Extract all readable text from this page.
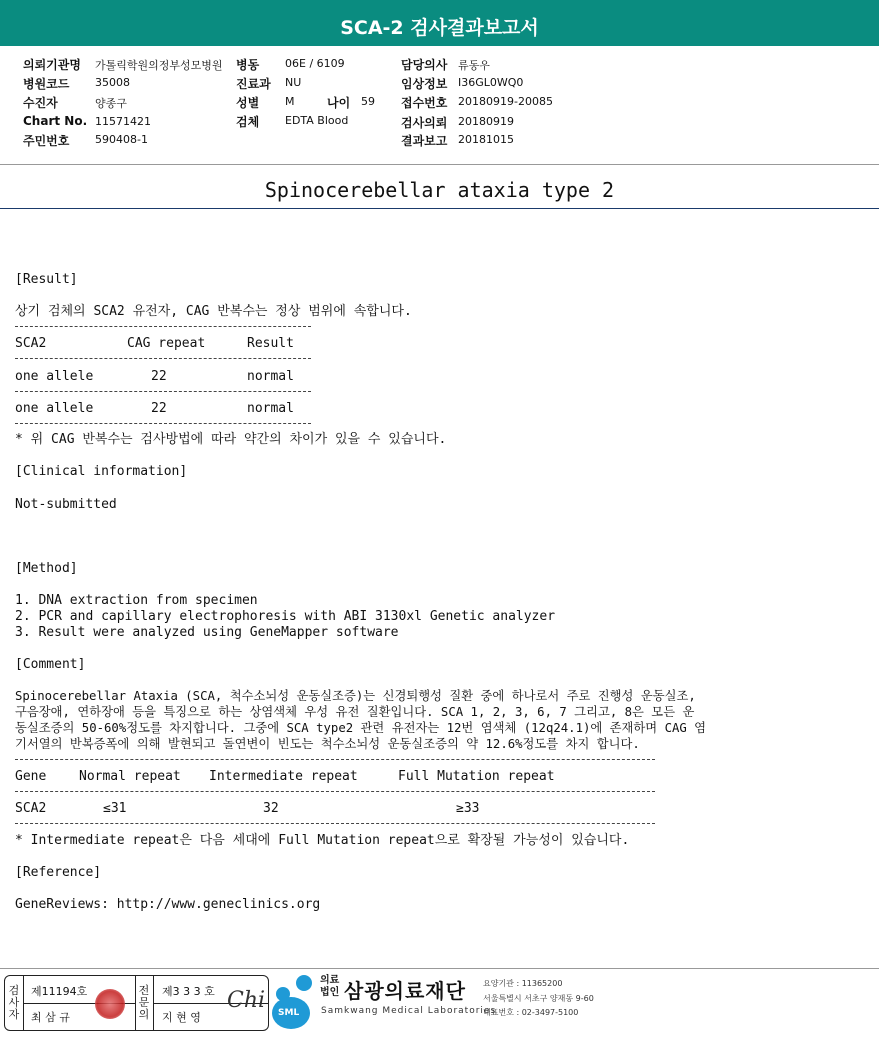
SCA-2 검사결과보고서
의뢰기관명 가톨릭학원의정부성모병원
병원코드 35008
수진자	양종구
Chart No. 11571421
주민번호 590408-1
병동 06E / 6109
진료과 NU
성별 M	나이 59
검체 EDTA Blood
담당의사 류동우
임상정보 I36GL0WQ0
접수번호 20180919-20085
검사의뢰 20180919
결과보고 20181015
Spinocerebellar ataxia type 2
[Result]
상기 검체의 SCA2 유전자, CAG 반복수는 정상 범위에 속합니다.
SCA2	CAG repeat	Result
one allele	22	normal
one allele	22	normal
* 위 CAG 반복수는 검사방법에 따라 약간의 차이가 있을 수 있습니다.
[Clinical information]
Not-submitted
[Method]
1. DNA extraction from specimen
2. PCR and capillary electrophoresis with ABI 3130xl Genetic analyzer
3. Result were analyzed using GeneMapper software
[Comment]
Spinocerebellar Ataxia (SCA, 척수소뇌성 운동실조증)는 신경퇴행성 질환 중에 하나로서 주로 진행성 운동실조,
구음장애, 연하장애 등을 특징으로 하는 상염색체 우성 유전 질환입니다. SCA 1, 2, 3, 6, 7 그리고, 8은 모든 운
동실조증의 50-60%정도를 차지합니다. 그중에 SCA type2 관련 유전자는 12번 염색체 (12q24.1)에 존재하며 CAG 염
기서열의 반복증폭에 의해 발현되고 돌연변이 빈도는 척수소뇌성 운동실조증의 약 12.6%정도를 차지 합니다.
Gene	Normal repeat Intermediate repeat	Full Mutation repeat
SCA2	≤31	32	≥33
* Intermediate repeat은 다음 세대에 Full Mutation repeat으로 확장될 가능성이 있습니다.
[Reference]
GeneReviews: http://www.geneclinics.org
검사자
제11194호
최 삼 규
전문의
제3 3 3 호
지 현 영
Chi SML
의료법인 삼광의료재단
Samkwang Medical Laboratories
요양기관 : 11365200
서울특별시 서초구 양재동 9-60
대표번호 : 02-3497-5100
